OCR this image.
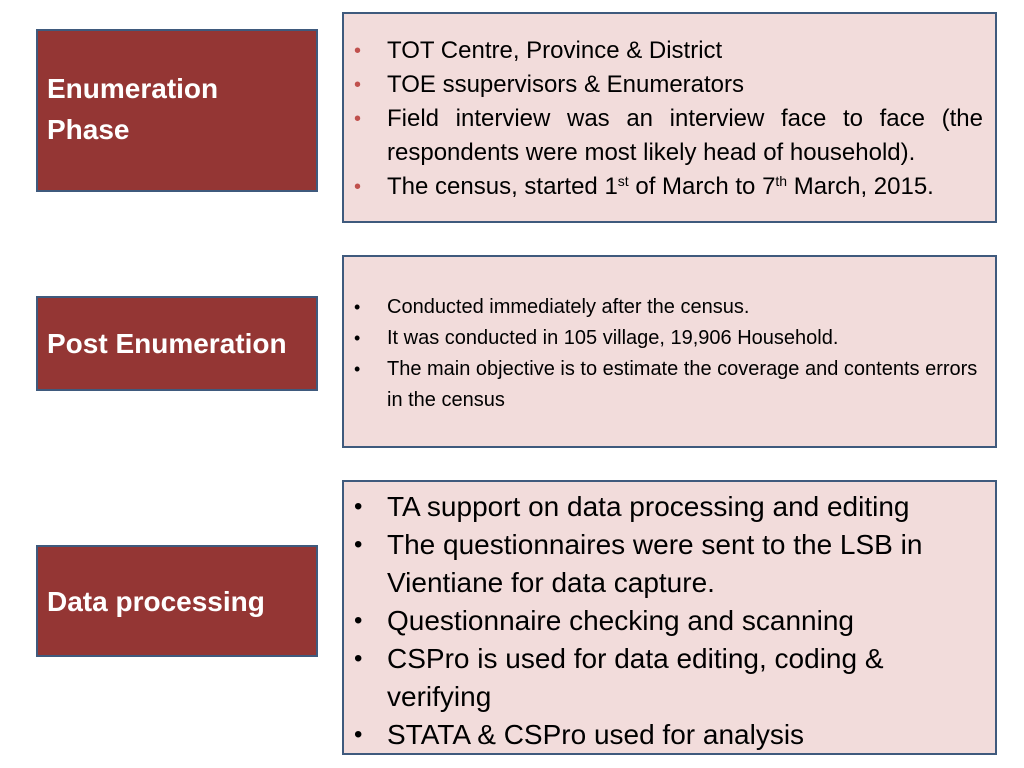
Enumeration
Phase
• TOT Centre, Province & District
• TOE ssupervisors & Enumerators
• Field interview was an interview face to face (the respondents were most likely head of household).
• The census, started 1st of March to 7th March, 2015.
Post Enumeration
• Conducted immediately after the census.
• It was conducted in 105 village, 19,906 Household.
• The main objective is to estimate the coverage and contents errors in the census
Data processing
• TA support on data processing and editing
• The questionnaires were sent to the LSB in Vientiane for data capture.
• Questionnaire checking and scanning
• CSPro is used for data editing, coding & verifying
• STATA & CSPro used for analysis
